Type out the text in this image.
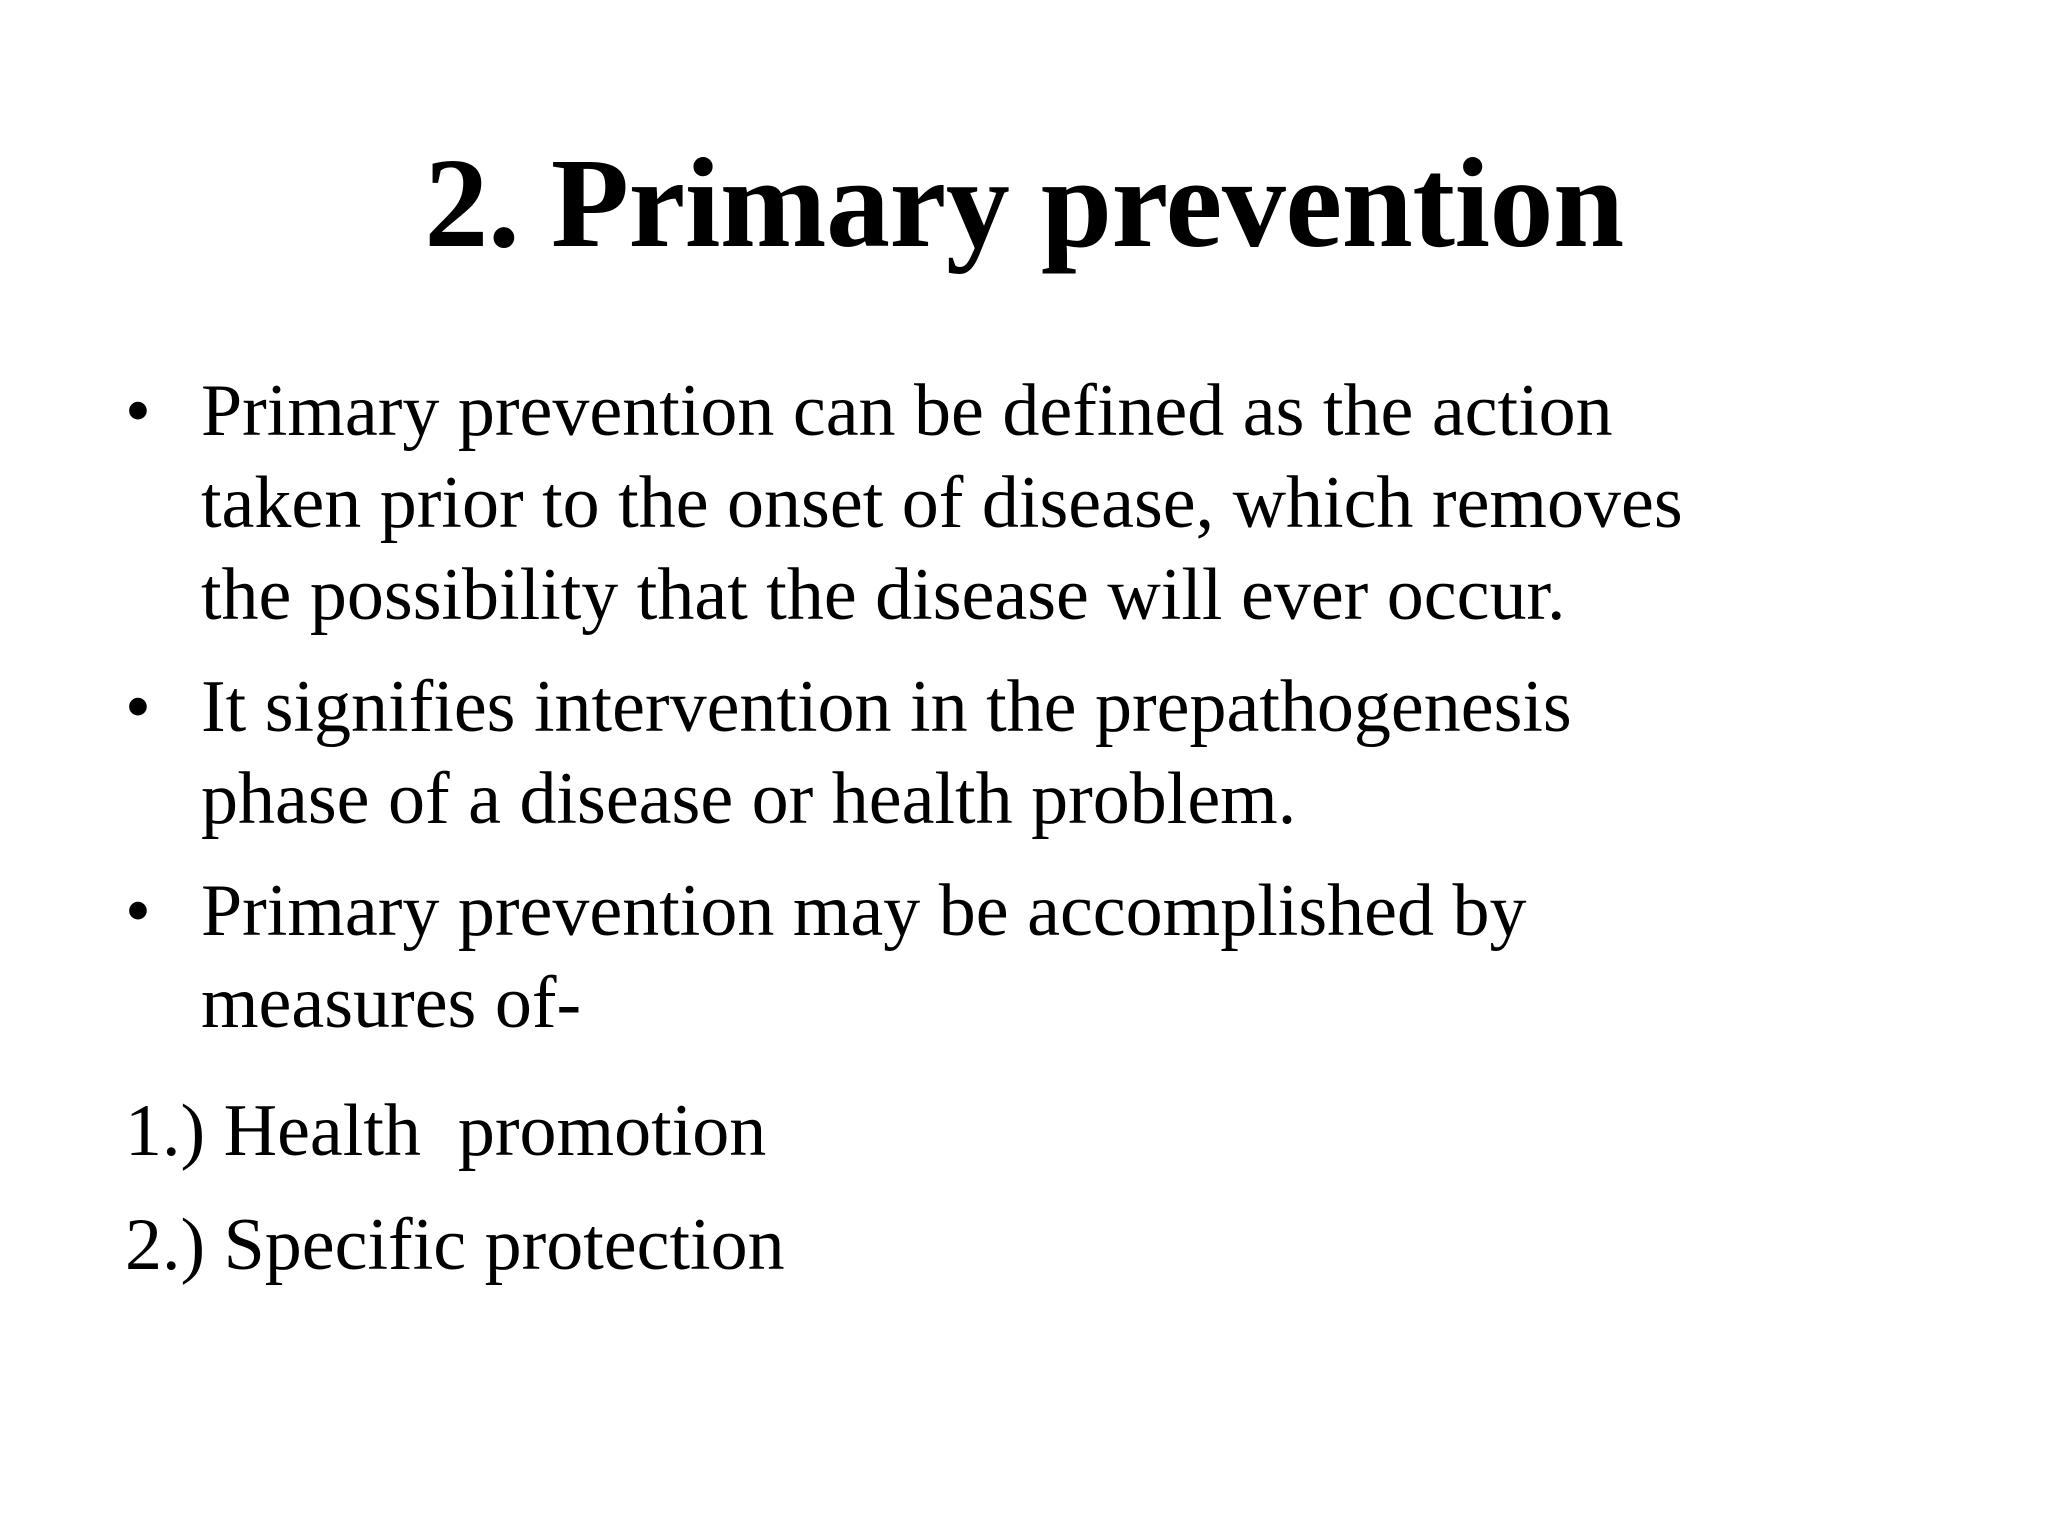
2. Primary prevention
• Primary prevention can be defined as the action
taken prior to the onset of disease, which removes
the possibility that the disease will ever occur.
• It signifies intervention in the prepathogenesis
phase of a disease or health problem.
• Primary prevention may be accomplished by
measures of-
1.) Health  promotion
2.) Specific protection
